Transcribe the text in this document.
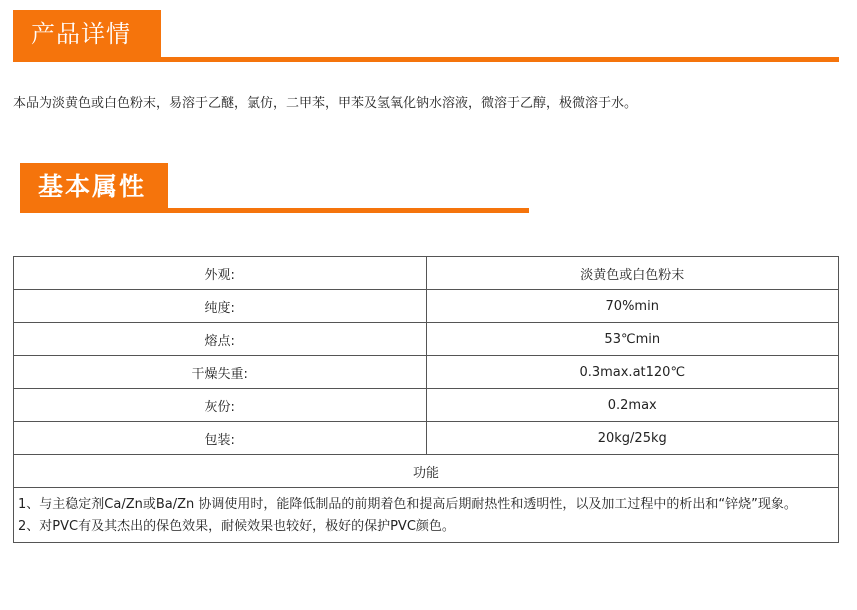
产品详情
本品为淡黄色或白色粉末，易溶于乙醚，氯仿，二甲苯，甲苯及氢氧化钠水溶液，微溶于乙醇，极微溶于水。
基本属性
外观:	淡黄色或白色粉末
纯度:	70%min
熔点:	53℃min
干燥失重:	0.3max.at120℃
灰份:	0.2max
包装:	20kg/25kg
功能	

1、与主稳定剂Ca/Zn或Ba/Zn 协调使用时，能降低制品的前期着色和提高后期耐热性和透明性，以及加工过程中的析出和“锌烧”现象。
2、对PVC有及其杰出的保色效果，耐候效果也较好，极好的保护PVC颜色。	
